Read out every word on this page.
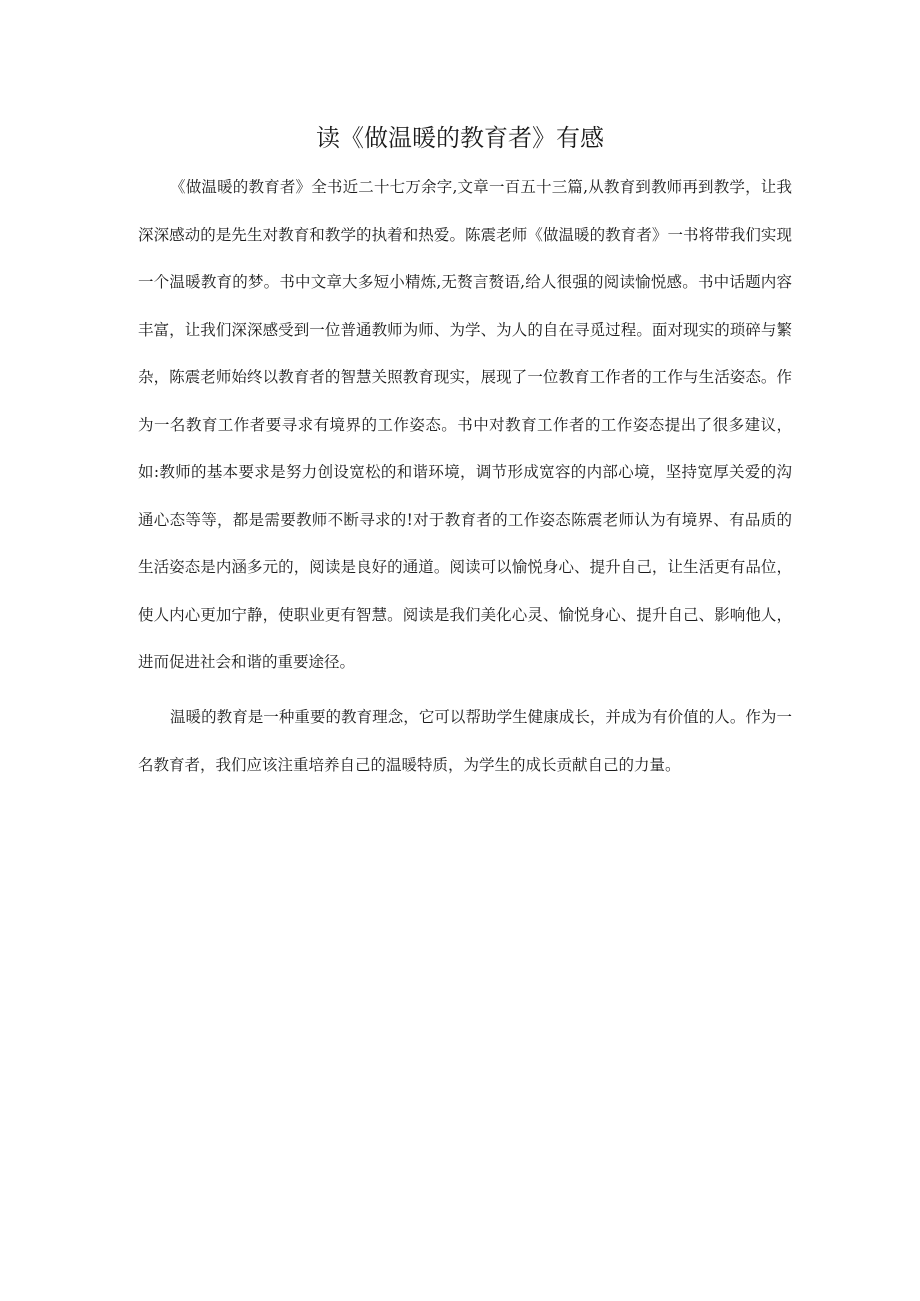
读《做温暖的教育者》有感

《做温暖的教育者》全书近二十七万余字,文章一百五十三篇,从教育到教师再到教学，让我深深感动的是先生对教育和教学的执着和热爱。陈震老师《做温暖的教育者》一书将带我们实现一个温暖教育的梦。书中文章大多短小精炼,无赘言赘语,给人很强的阅读愉悦感。书中话题内容丰富，让我们深深感受到一位普通教师为师、为学、为人的自在寻觅过程。面对现实的琐碎与繁杂，陈震老师始终以教育者的智慧关照教育现实，展现了一位教育工作者的工作与生活姿态。作为一名教育工作者要寻求有境界的工作姿态。书中对教育工作者的工作姿态提出了很多建议，如:教师的基本要求是努力创设宽松的和谐环境，调节形成宽容的内部心境，坚持宽厚关爱的沟通心态等等，都是需要教师不断寻求的!对于教育者的工作姿态陈震老师认为有境界、有品质的生活姿态是内涵多元的，阅读是良好的通道。阅读可以愉悦身心、提升自己，让生活更有品位，使人内心更加宁静，使职业更有智慧。阅读是我们美化心灵、愉悦身心、提升自己、影响他人，进而促进社会和谐的重要途径。

温暖的教育是一种重要的教育理念，它可以帮助学生健康成长，并成为有价值的人。作为一名教育者，我们应该注重培养自己的温暖特质，为学生的成长贡献自己的力量。
